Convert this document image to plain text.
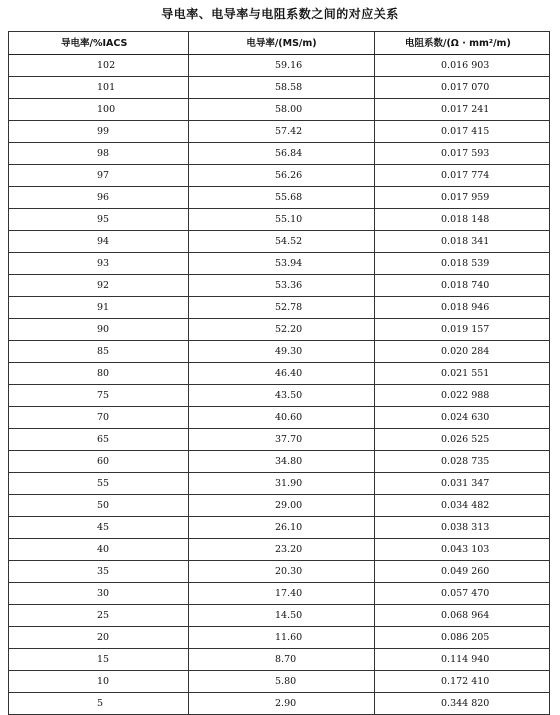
导电率、电导率与电阻系数之间的对应关系
导电率/%IACS	电导率/(MS/m)	电阻系数/(Ω · mm²/m)
102	59.16	0.016 903
101	58.58	0.017 070
100	58.00	0.017 241
99	57.42	0.017 415
98	56.84	0.017 593
97	56.26	0.017 774
96	55.68	0.017 959
95	55.10	0.018 148
94	54.52	0.018 341
93	53.94	0.018 539
92	53.36	0.018 740
91	52.78	0.018 946
90	52.20	0.019 157
85	49.30	0.020 284
80	46.40	0.021 551
75	43.50	0.022 988
70	40.60	0.024 630
65	37.70	0.026 525
60	34.80	0.028 735
55	31.90	0.031 347
50	29.00	0.034 482
45	26.10	0.038 313
40	23.20	0.043 103
35	20.30	0.049 260
30	17.40	0.057 470
25	14.50	0.068 964
20	11.60	0.086 205
15	8.70	0.114 940
10	5.80	0.172 410
5	2.90	0.344 820
